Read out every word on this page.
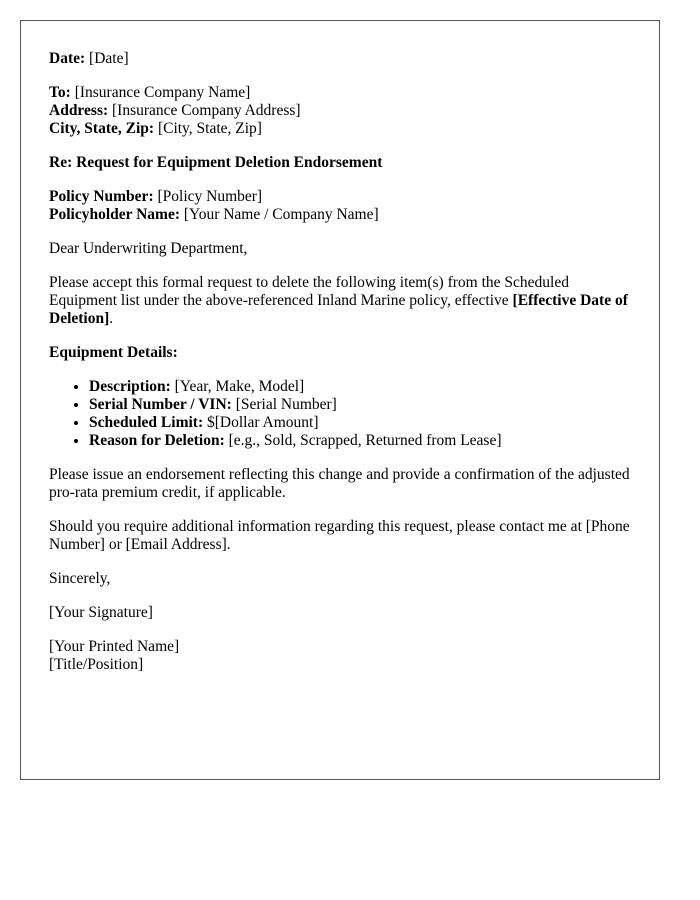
Date: [Date]
To: [Insurance Company Name]
Address: [Insurance Company Address]
City, State, Zip: [City, State, Zip]
Re: Request for Equipment Deletion Endorsement
Policy Number: [Policy Number]
Policyholder Name: [Your Name / Company Name]

Dear Underwriting Department,

Please accept this formal request to delete the following item(s) from the Scheduled Equipment list under the above-referenced Inland Marine policy, effective [Effective Date of Deletion].

Equipment Details:
• Description: [Year, Make, Model]
• Serial Number / VIN: [Serial Number]
• Scheduled Limit: $[Dollar Amount]
• Reason for Deletion: [e.g., Sold, Scrapped, Returned from Lease]

Please issue an endorsement reflecting this change and provide a confirmation of the adjusted pro-rata premium credit, if applicable.

Should you require additional information regarding this request, please contact me at [Phone Number] or [Email Address].

Sincerely,

[Your Signature]

[Your Printed Name]
[Title/Position]
